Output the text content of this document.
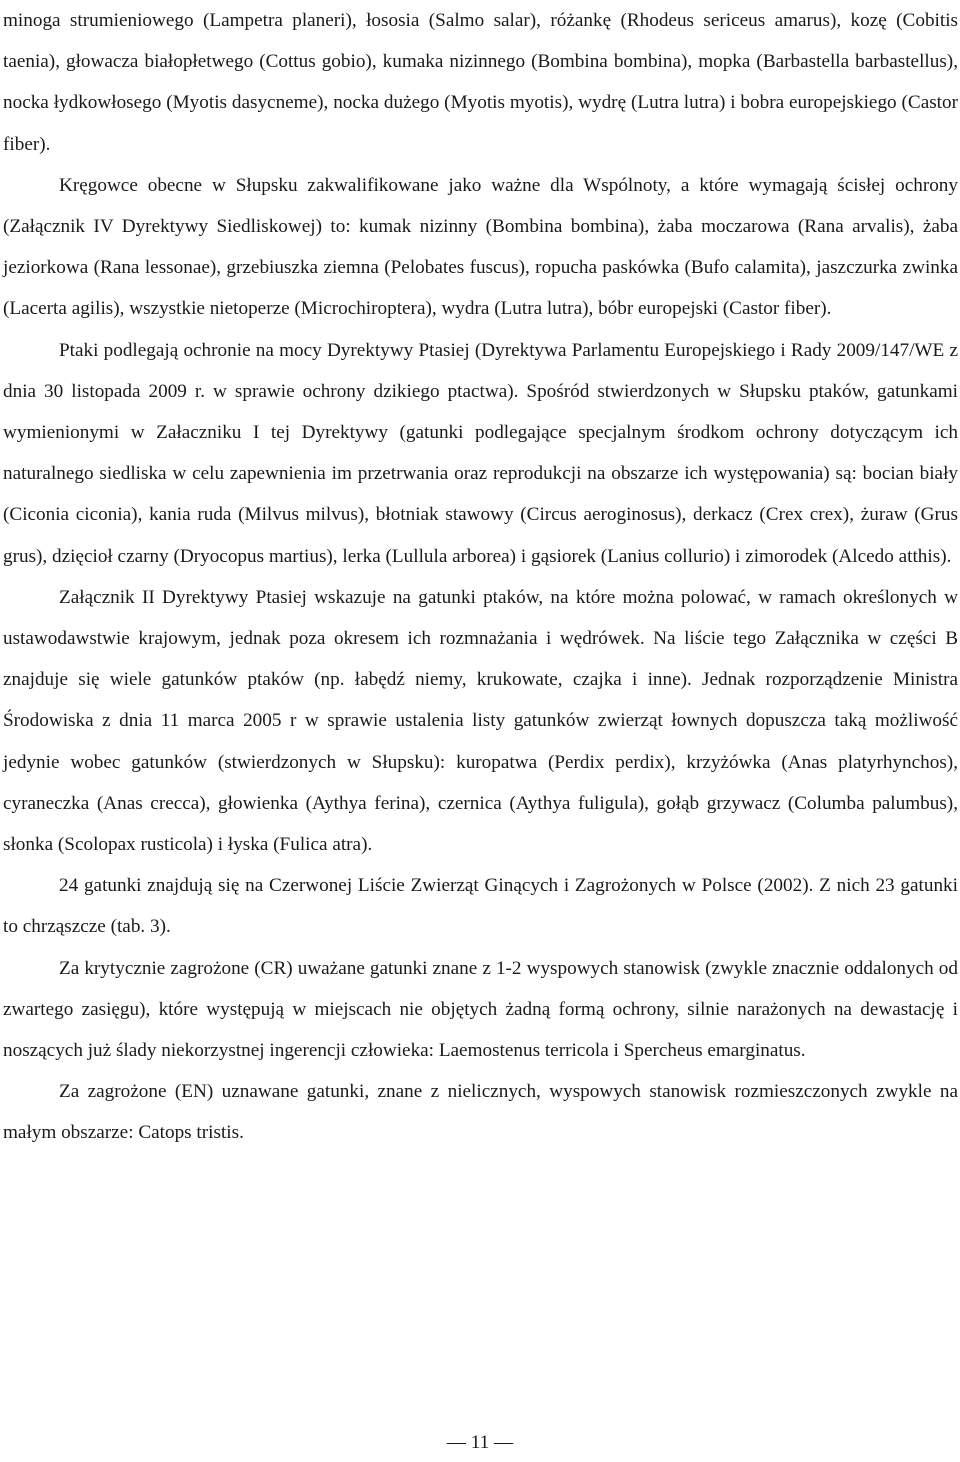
minoga strumieniowego (Lampetra planeri), łososia (Salmo salar), różankę (Rhodeus sericeus amarus), kozę (Cobitis taenia), głowacza białopłetwego (Cottus gobio), kumaka nizinnego (Bombina bombina), mopka (Barbastella barbastellus), nocka łydkowłosego (Myotis dasycneme), nocka dużego (Myotis myotis), wydrę (Lutra lutra) i bobra europejskiego (Castor fiber).

Kręgowce obecne w Słupsku zakwalifikowane jako ważne dla Wspólnoty, a które wymagają ścisłej ochrony (Załącznik IV Dyrektywy Siedliskowej) to: kumak nizinny (Bombina bombina), żaba moczarowa (Rana arvalis), żaba jeziorkowa (Rana lessonae), grzebiuszka ziemna (Pelobates fuscus), ropucha paskówka (Bufo calamita), jaszczurka zwinka (Lacerta agilis), wszystkie nietoperze (Microchiroptera), wydra (Lutra lutra), bóbr europejski (Castor fiber).

Ptaki podlegają ochronie na mocy Dyrektywy Ptasiej (Dyrektywa Parlamentu Europejskiego i Rady 2009/147/WE z dnia 30 listopada 2009 r. w sprawie ochrony dzikiego ptactwa). Spośród stwierdzonych w Słupsku ptaków, gatunkami wymienionymi w Załaczniku I tej Dyrektywy (gatunki podlegające specjalnym środkom ochrony dotyczącym ich naturalnego siedliska w celu zapewnienia im przetrwania oraz reprodukcji na obszarze ich występowania) są: bocian biały (Ciconia ciconia), kania ruda (Milvus milvus), błotniak stawowy (Circus aeroginosus), derkacz (Crex crex), żuraw (Grus grus), dzięcioł czarny (Dryocopus martius), lerka (Lullula arborea) i gąsiorek (Lanius collurio) i zimorodek (Alcedo atthis).

Załącznik II Dyrektywy Ptasiej wskazuje na gatunki ptaków, na które można polować, w ramach określonych w ustawodawstwie krajowym, jednak poza okresem ich rozmnażania i wędrówek. Na liście tego Załącznika w części B znajduje się wiele gatunków ptaków (np. łabędź niemy, krukowate, czajka i inne). Jednak rozporządzenie Ministra Środowiska z dnia 11 marca 2005 r w sprawie ustalenia listy gatunków zwierząt łownych dopuszcza taką możliwość jedynie wobec gatunków (stwierdzonych w Słupsku): kuropatwa (Perdix perdix), krzyżówka (Anas platyrhynchos), cyraneczka (Anas crecca), głowienka (Aythya ferina), czernica (Aythya fuligula), gołąb grzywacz (Columba palumbus), słonka (Scolopax rusticola) i łyska (Fulica atra).

24 gatunki znajdują się na Czerwonej Liście Zwierząt Ginących i Zagrożonych w Polsce (2002). Z nich 23 gatunki to chrząszcze (tab. 3).

Za krytycznie zagrożone (CR) uważane gatunki znane z 1-2 wyspowych stanowisk (zwykle znacznie oddalonych od zwartego zasięgu), które występują w miejscach nie objętych żadną formą ochrony, silnie narażonych na dewastację i noszących już ślady niekorzystnej ingerencji człowieka: Laemostenus terricola i Spercheus emarginatus.

Za zagrożone (EN) uznawane gatunki, znane z nielicznych, wyspowych stanowisk rozmieszczonych zwykle na małym obszarze: Catops tristis.

— 11 —
